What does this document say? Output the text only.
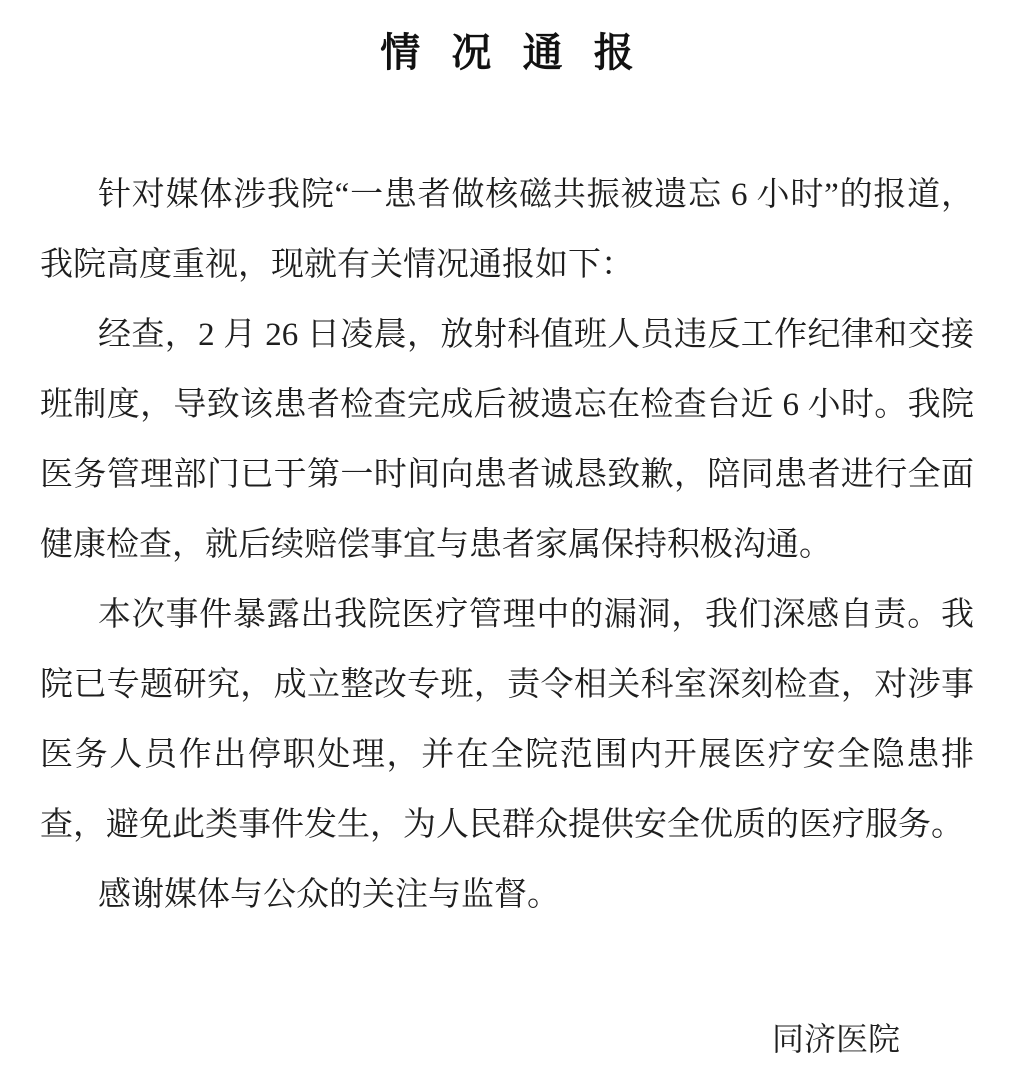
情况通报

针对媒体涉我院“一患者做核磁共振被遗忘 6 小时”的报道，我院高度重视，现就有关情况通报如下：

经查，2 月 26 日凌晨，放射科值班人员违反工作纪律和交接班制度，导致该患者检查完成后被遗忘在检查台近 6 小时。我院医务管理部门已于第一时间向患者诚恳致歉，陪同患者进行全面健康检查，就后续赔偿事宜与患者家属保持积极沟通。

本次事件暴露出我院医疗管理中的漏洞，我们深感自责。我院已专题研究，成立整改专班，责令相关科室深刻检查，对涉事医务人员作出停职处理，并在全院范围内开展医疗安全隐患排查，避免此类事件发生，为人民群众提供安全优质的医疗服务。

感谢媒体与公众的关注与监督。

同济医院
